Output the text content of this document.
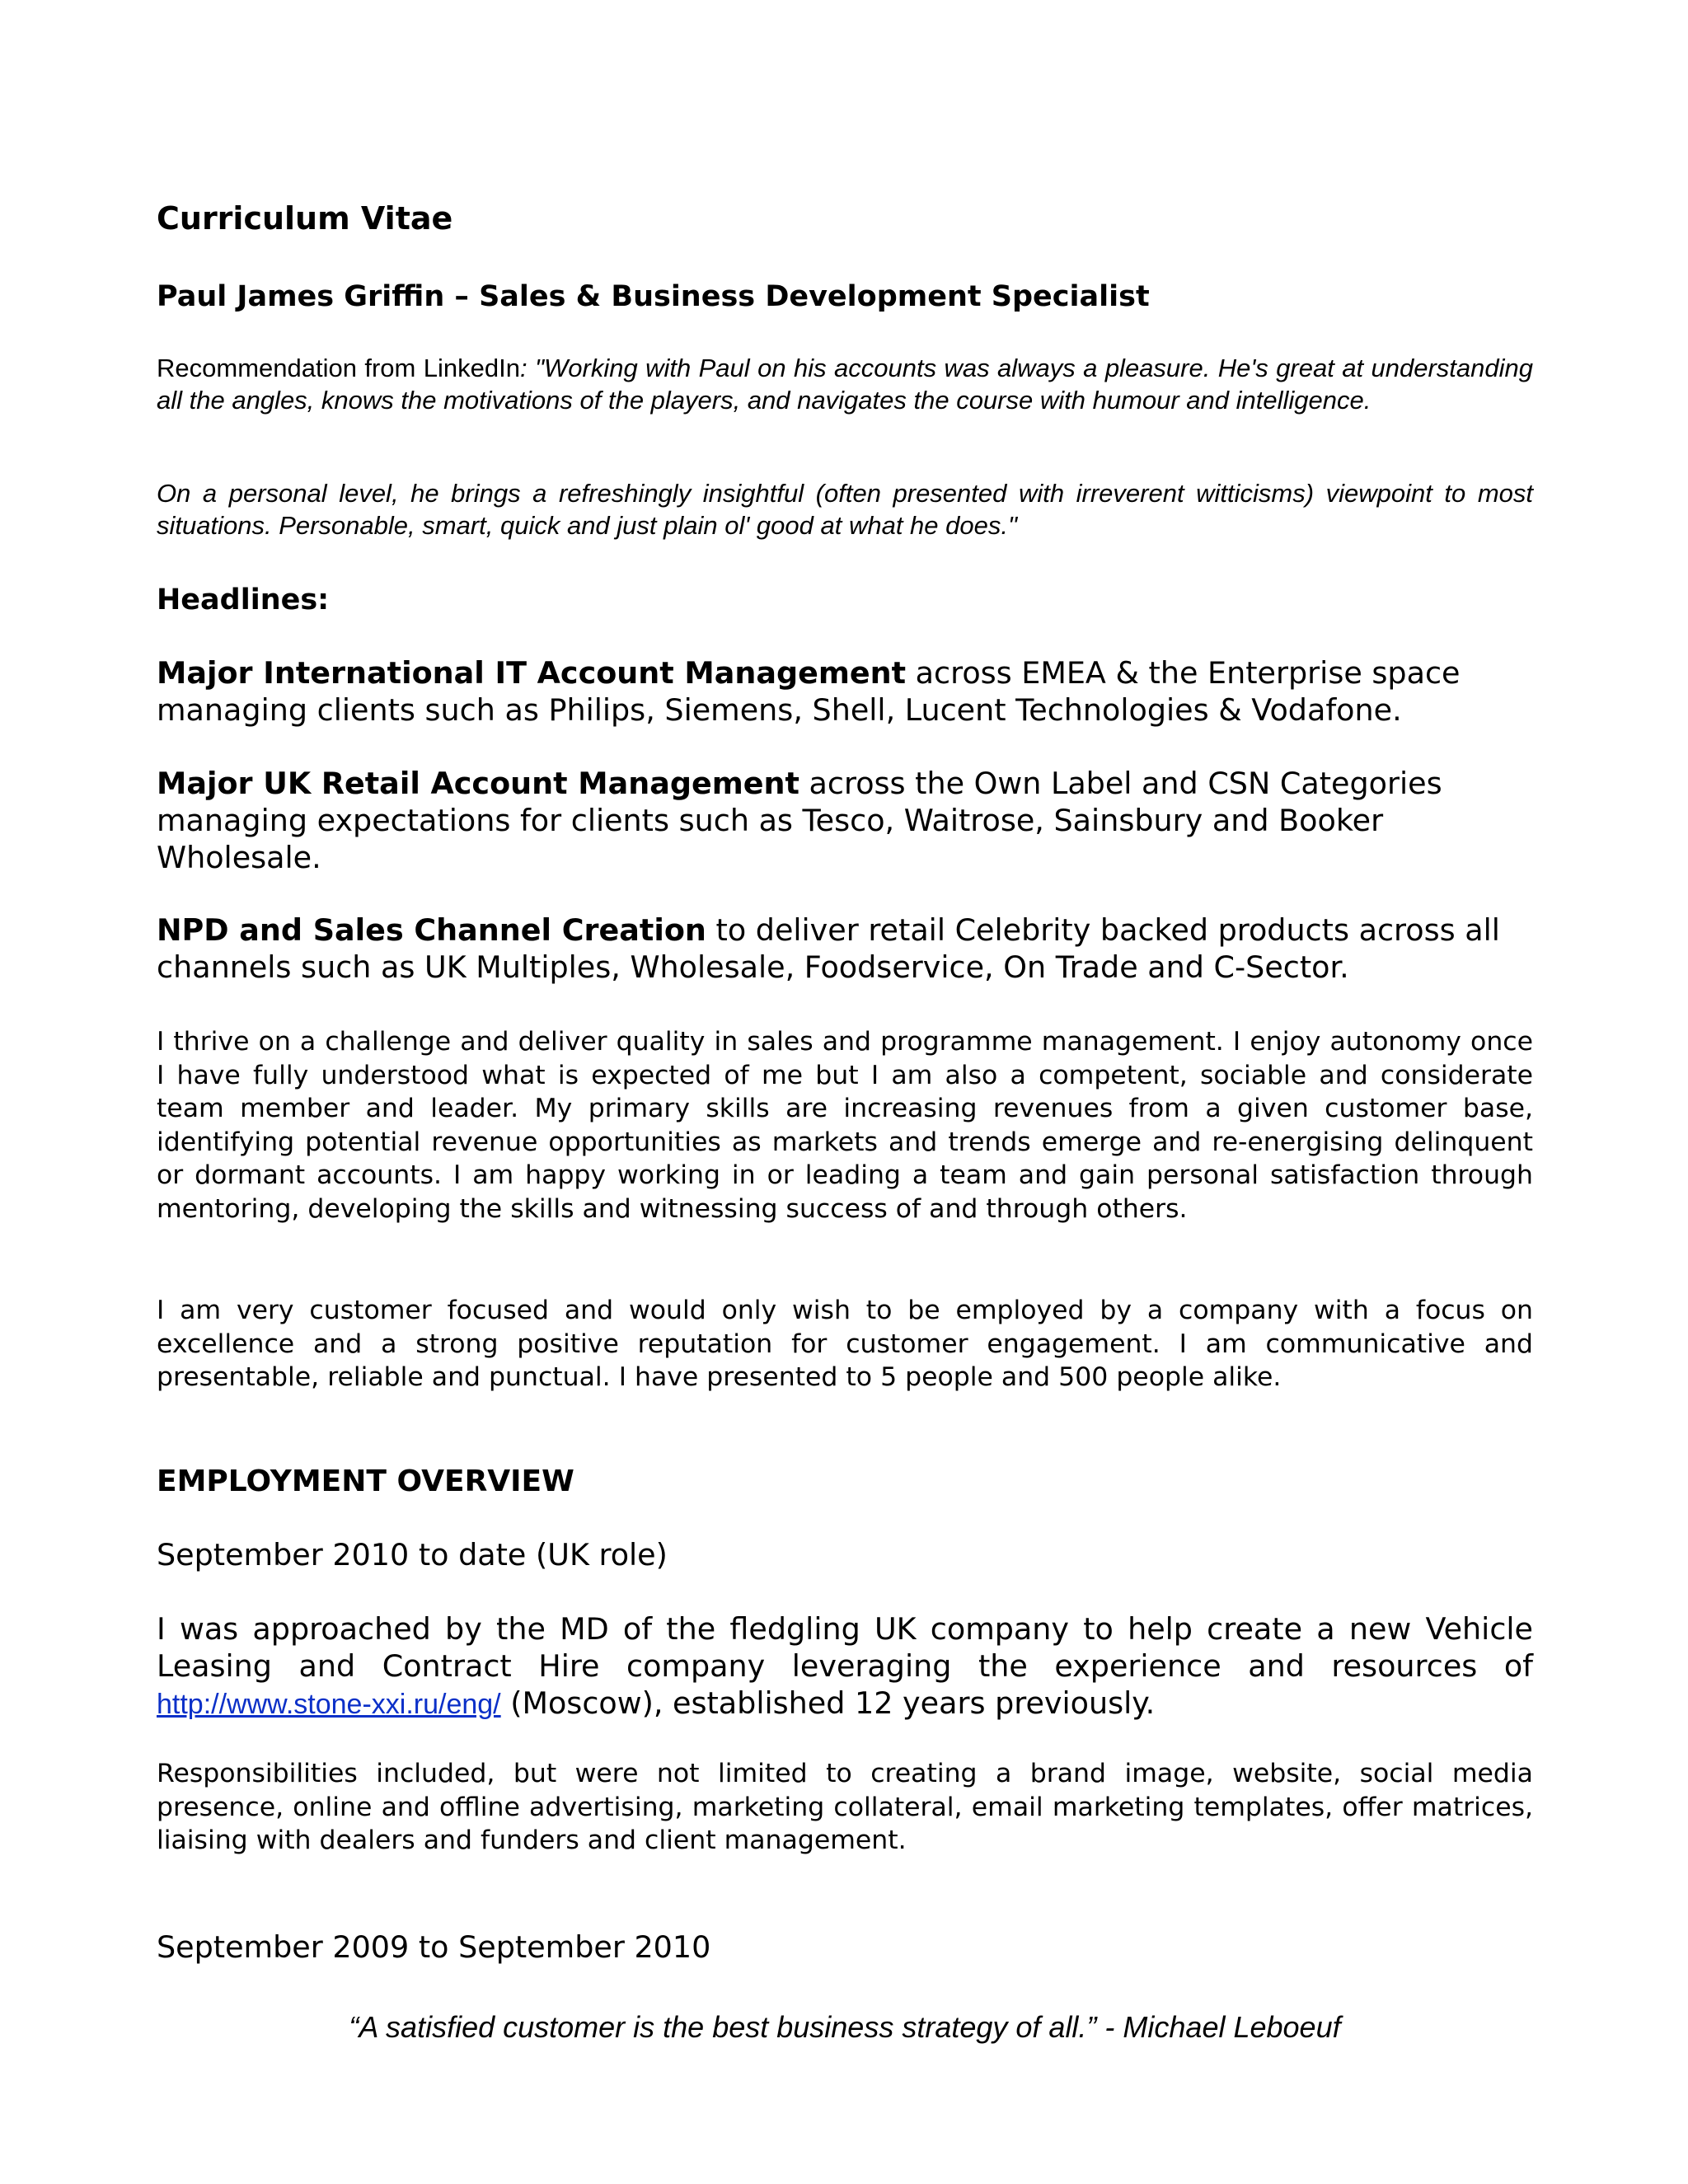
Curriculum Vitae
Paul James Griffin – Sales & Business Development Specialist

Recommendation from LinkedIn: "Working with Paul on his accounts was always a pleasure. He's great at understanding all the angles, knows the motivations of the players, and navigates the course with humour and intelligence.

On a personal level, he brings a refreshingly insightful (often presented with irreverent witticisms) viewpoint to most situations. Personable, smart, quick and just plain ol' good at what he does."

Headlines:

Major International IT Account Management across EMEA & the Enterprise space managing clients such as Philips, Siemens, Shell, Lucent Technologies & Vodafone.

Major UK Retail Account Management across the Own Label and CSN Categories managing expectations for clients such as Tesco, Waitrose, Sainsbury and Booker Wholesale.

NPD and Sales Channel Creation to deliver retail Celebrity backed products across all channels such as UK Multiples, Wholesale, Foodservice, On Trade and C-Sector.

I thrive on a challenge and deliver quality in sales and programme management. I enjoy autonomy once I have fully understood what is expected of me but I am also a competent, sociable and considerate team member and leader. My primary skills are increasing revenues from a given customer base, identifying potential revenue opportunities as markets and trends emerge and re-energising delinquent or dormant accounts. I am happy working in or leading a team and gain personal satisfaction through mentoring, developing the skills and witnessing success of and through others.

I am very customer focused and would only wish to be employed by a company with a focus on excellence and a strong positive reputation for customer engagement. I am communicative and presentable, reliable and punctual. I have presented to 5 people and 500 people alike.

EMPLOYMENT OVERVIEW

September 2010 to date (UK role)

I was approached by the MD of the fledgling UK company to help create a new Vehicle Leasing and Contract Hire company leveraging the experience and resources of http://www.stone-xxi.ru/eng/ (Moscow), established 12 years previously.

Responsibilities included, but were not limited to creating a brand image, website, social media presence, online and offline advertising, marketing collateral, email marketing templates, offer matrices, liaising with dealers and funders and client management.

September 2009 to September 2010

“A satisfied customer is the best business strategy of all.” - Michael Leboeuf
